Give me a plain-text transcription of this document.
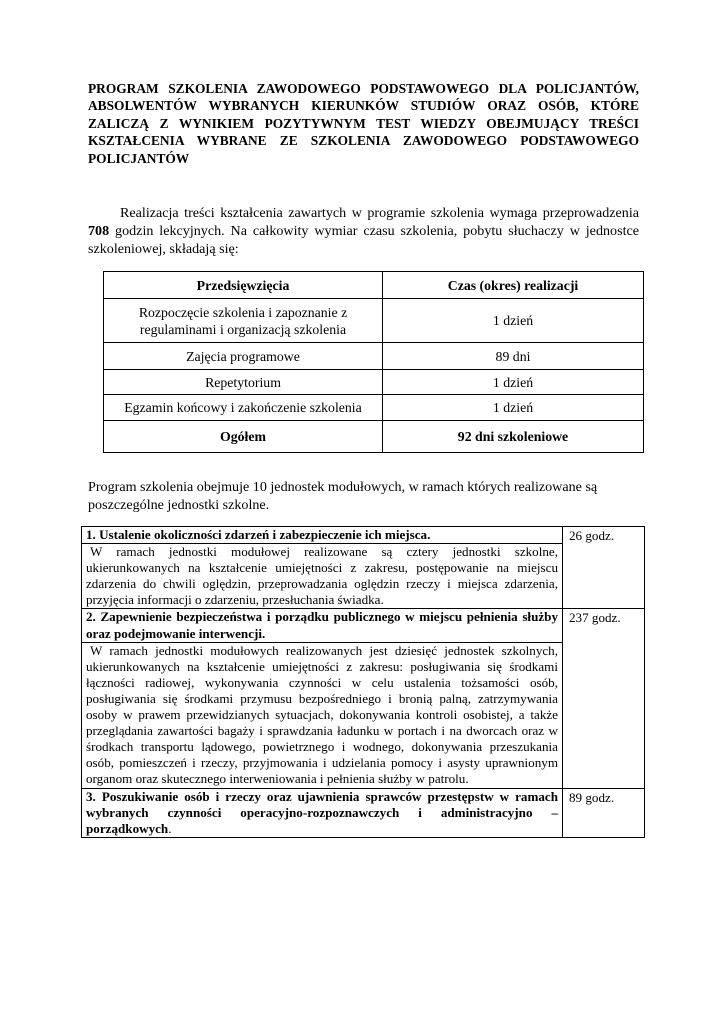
PROGRAM SZKOLENIA ZAWODOWEGO PODSTAWOWEGO DLA POLICJANTÓW, ABSOLWENTÓW WYBRANYCH KIERUNKÓW STUDIÓW ORAZ OSÓB, KTÓRE ZALICZĄ Z WYNIKIEM POZYTYWNYM TEST WIEDZY OBEJMUJĄCY TREŚCI KSZTAŁCENIA WYBRANE ZE SZKOLENIA ZAWODOWEGO PODSTAWOWEGO POLICJANTÓW

Realizacja treści kształcenia zawartych w programie szkolenia wymaga przeprowadzenia 708 godzin lekcyjnych. Na całkowity wymiar czasu szkolenia, pobytu słuchaczy w jednostce szkoleniowej, składają się:

Przedsięwzięcia	Czas (okres) realizacji
Rozpoczęcie szkolenia i zapoznanie z regulaminami i organizacją szkolenia	1 dzień
Zajęcia programowe	89 dni
Repetytorium	1 dzień
Egzamin końcowy i zakończenie szkolenia	1 dzień
Ogółem	92 dni szkoleniowe

Program szkolenia obejmuje 10 jednostek modułowych, w ramach których realizowane są poszczególne jednostki szkolne.

1. Ustalenie okoliczności zdarzeń i zabezpieczenie ich miejsca.	26 godz.
W ramach jednostki modułowej realizowane są cztery jednostki szkolne, ukierunkowanych na kształcenie umiejętności z zakresu, postępowanie na miejscu zdarzenia do chwili oględzin, przeprowadzania oględzin rzeczy i miejsca zdarzenia, przyjęcia informacji o zdarzeniu, przesłuchania świadka.	
2. Zapewnienie bezpieczeństwa i porządku publicznego w miejscu pełnienia służby oraz podejmowanie interwencji.	237 godz.
W ramach jednostki modułowych realizowanych jest dziesięć jednostek szkolnych, ukierunkowanych na kształcenie umiejętności z zakresu: posługiwania się środkami łączności radiowej, wykonywania czynności w celu ustalenia tożsamości osób, posługiwania się środkami przymusu bezpośredniego i bronią palną, zatrzymywania osoby w prawem przewidzianych sytuacjach, dokonywania kontroli osobistej, a także przeglądania zawartości bagaży i sprawdzania ładunku w portach i na dworcach oraz w środkach transportu lądowego, powietrznego i wodnego, dokonywania przeszukania osób, pomieszczeń i rzeczy, przyjmowania i udzielania pomocy i asysty uprawnionym organom oraz skutecznego interweniowania i pełnienia służby w patrolu.	
3. Poszukiwanie osób i rzeczy oraz ujawnienia sprawców przestępstw w ramach wybranych czynności operacyjno-rozpoznawczych i administracyjno – porządkowych.	89 godz.
